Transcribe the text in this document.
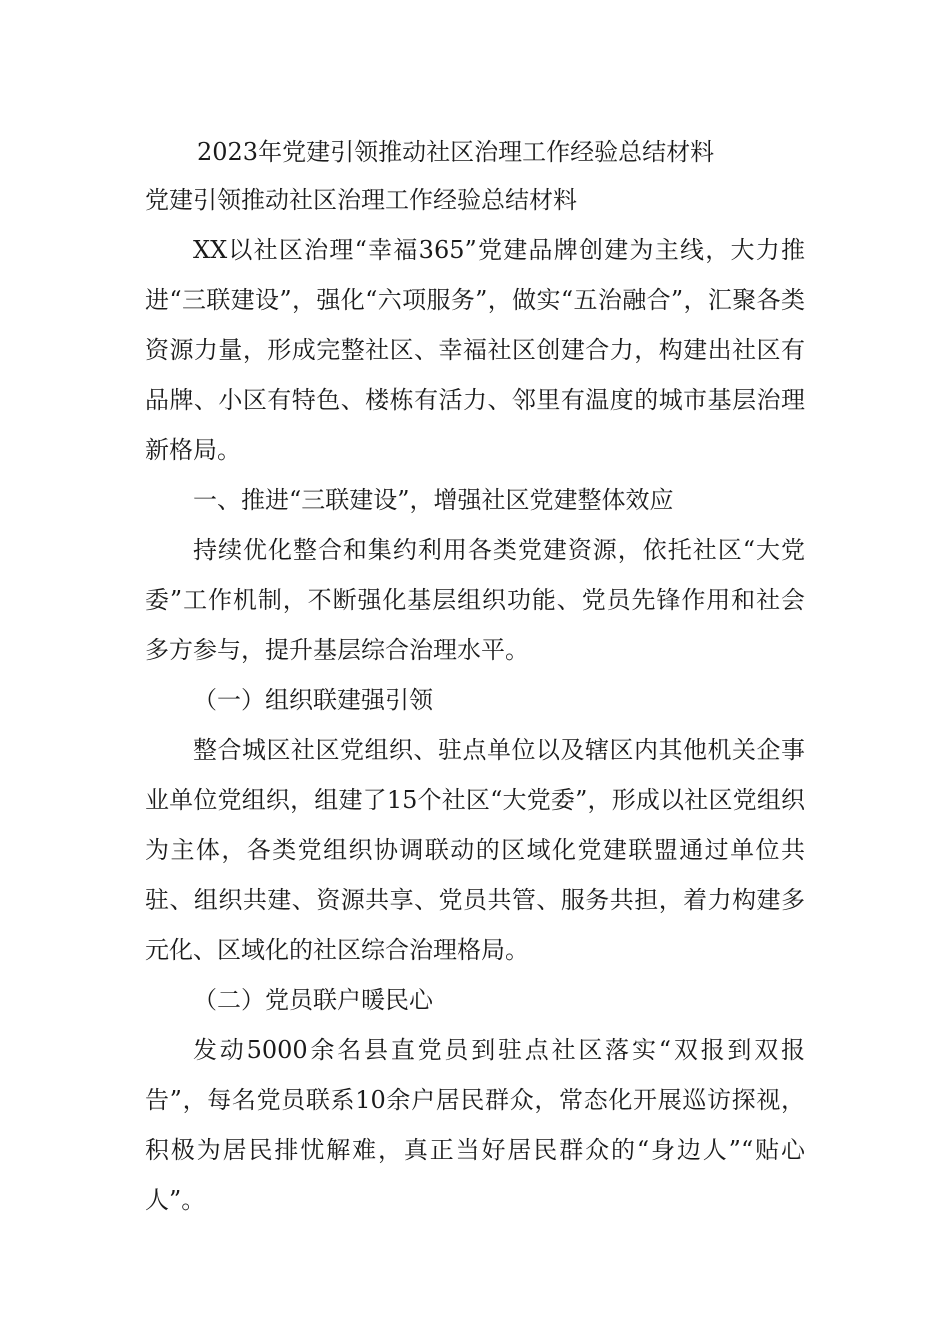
2023年党建引领推动社区治理工作经验总结材料
党建引领推动社区治理工作经验总结材料
XX以社区治理“幸福365”党建品牌创建为主线，大力推进“三联建设”，强化“六项服务”，做实“五治融合”，汇聚各类资源力量，形成完整社区、幸福社区创建合力，构建出社区有品牌、小区有特色、楼栋有活力、邻里有温度的城市基层治理新格局。
一、推进“三联建设”，增强社区党建整体效应
持续优化整合和集约利用各类党建资源，依托社区“大党委”工作机制，不断强化基层组织功能、党员先锋作用和社会多方参与，提升基层综合治理水平。
（一）组织联建强引领
整合城区社区党组织、驻点单位以及辖区内其他机关企事业单位党组织，组建了15个社区“大党委”，形成以社区党组织为主体，各类党组织协调联动的区域化党建联盟通过单位共驻、组织共建、资源共享、党员共管、服务共担，着力构建多元化、区域化的社区综合治理格局。
（二）党员联户暖民心
发动5000余名县直党员到驻点社区落实“双报到双报告”，每名党员联系10余户居民群众，常态化开展巡访探视，积极为居民排忧解难，真正当好居民群众的“身边人”“贴心人”。
